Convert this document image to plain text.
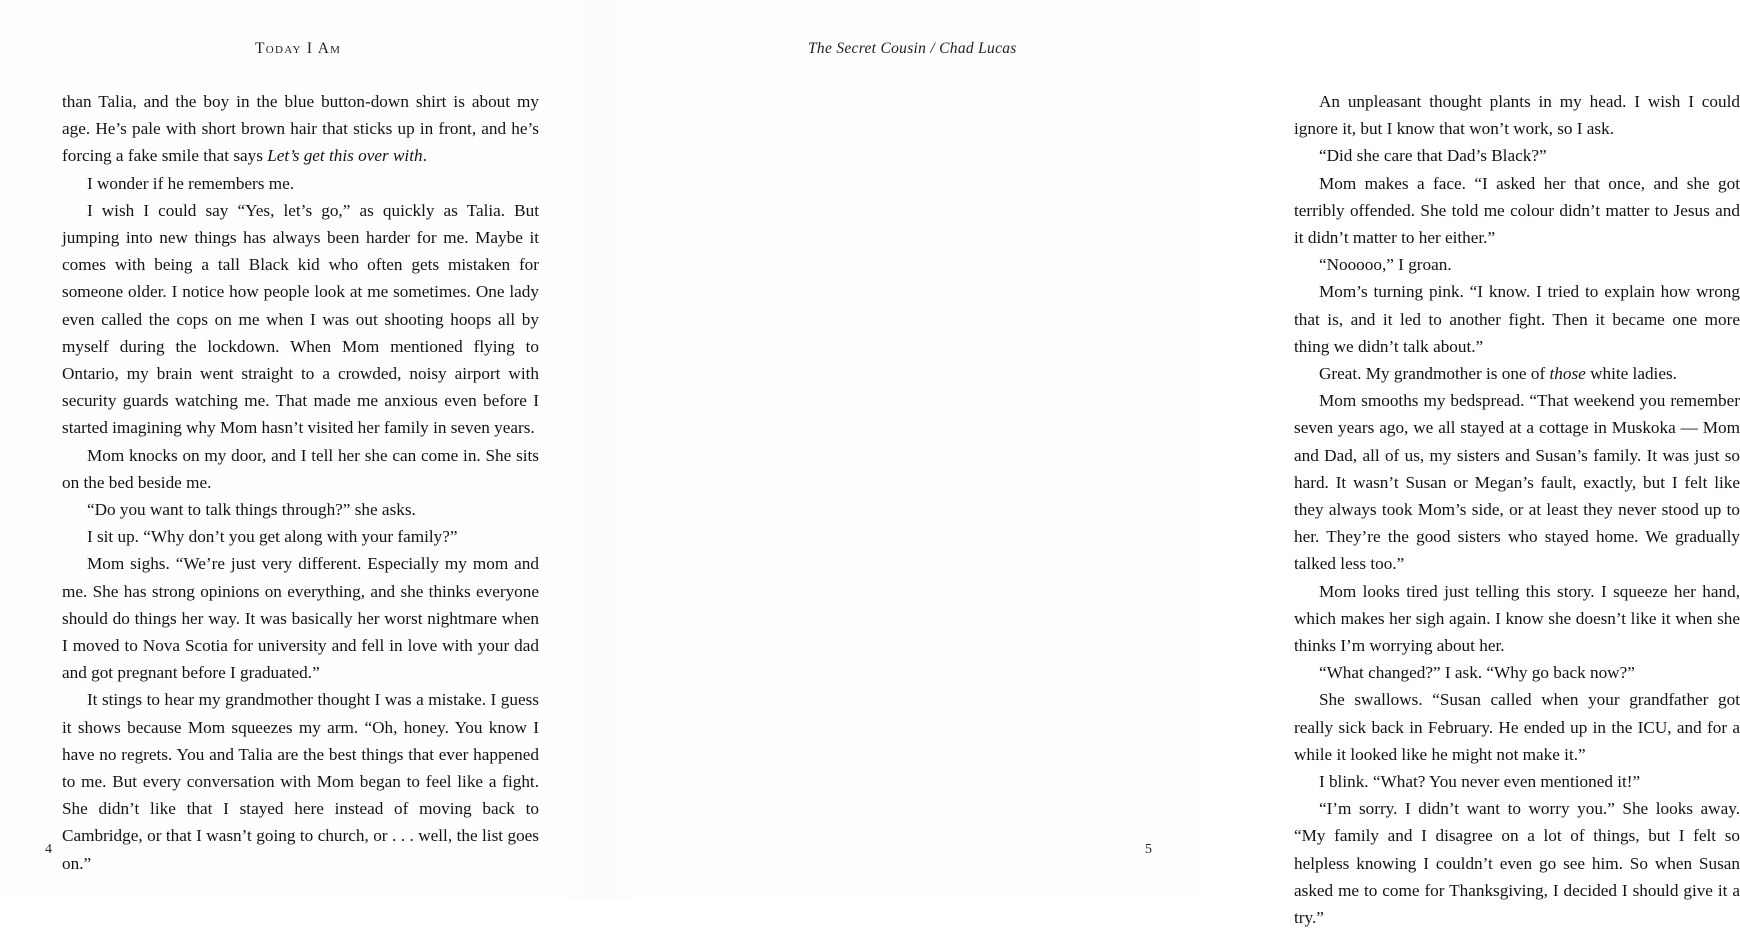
Today I Am

than Talia, and the boy in the blue button-down shirt is about my age. He’s pale with short brown hair that sticks up in front, and he’s forcing a fake smile that says Let’s get this over with.

I wonder if he remembers me.

I wish I could say “Yes, let’s go,” as quickly as Talia. But jumping into new things has always been harder for me. Maybe it comes with being a tall Black kid who often gets mistaken for someone older. I notice how people look at me sometimes. One lady even called the cops on me when I was out shooting hoops all by myself during the lockdown. When Mom mentioned flying to Ontario, my brain went straight to a crowded, noisy airport with security guards watching me. That made me anxious even before I started imagining why Mom hasn’t visited her family in seven years.

Mom knocks on my door, and I tell her she can come in. She sits on the bed beside me.

“Do you want to talk things through?” she asks.

I sit up. “Why don’t you get along with your family?”

Mom sighs. “We’re just very different. Especially my mom and me. She has strong opinions on everything, and she thinks everyone should do things her way. It was basically her worst nightmare when I moved to Nova Scotia for university and fell in love with your dad and got pregnant before I graduated.”

It stings to hear my grandmother thought I was a mistake. I guess it shows because Mom squeezes my arm. “Oh, honey. You know I have no regrets. You and Talia are the best things that ever happened to me. But every conversation with Mom began to feel like a fight. She didn’t like that I stayed here instead of moving back to Cambridge, or that I wasn’t going to church, or . . . well, the list goes on.”

4
The Secret Cousin / Chad Lucas

An unpleasant thought plants in my head. I wish I could ignore it, but I know that won’t work, so I ask.

“Did she care that Dad’s Black?”

Mom makes a face. “I asked her that once, and she got terribly offended. She told me colour didn’t matter to Jesus and it didn’t matter to her either.”

“Nooooo,” I groan.

Mom’s turning pink. “I know. I tried to explain how wrong that is, and it led to another fight. Then it became one more thing we didn’t talk about.”

Great. My grandmother is one of those white ladies.

Mom smooths my bedspread. “That weekend you remember seven years ago, we all stayed at a cottage in Muskoka — Mom and Dad, all of us, my sisters and Susan’s family. It was just so hard. It wasn’t Susan or Megan’s fault, exactly, but I felt like they always took Mom’s side, or at least they never stood up to her. They’re the good sisters who stayed home. We gradually talked less too.”

Mom looks tired just telling this story. I squeeze her hand, which makes her sigh again. I know she doesn’t like it when she thinks I’m worrying about her.

“What changed?” I ask. “Why go back now?”

She swallows. “Susan called when your grandfather got really sick back in February. He ended up in the ICU, and for a while it looked like he might not make it.”

I blink. “What? You never even mentioned it!”

“I’m sorry. I didn’t want to worry you.” She looks away. “My family and I disagree on a lot of things, but I felt so helpless knowing I couldn’t even go see him. So when Susan asked me to come for Thanksgiving, I decided I should give it a try.”

5
